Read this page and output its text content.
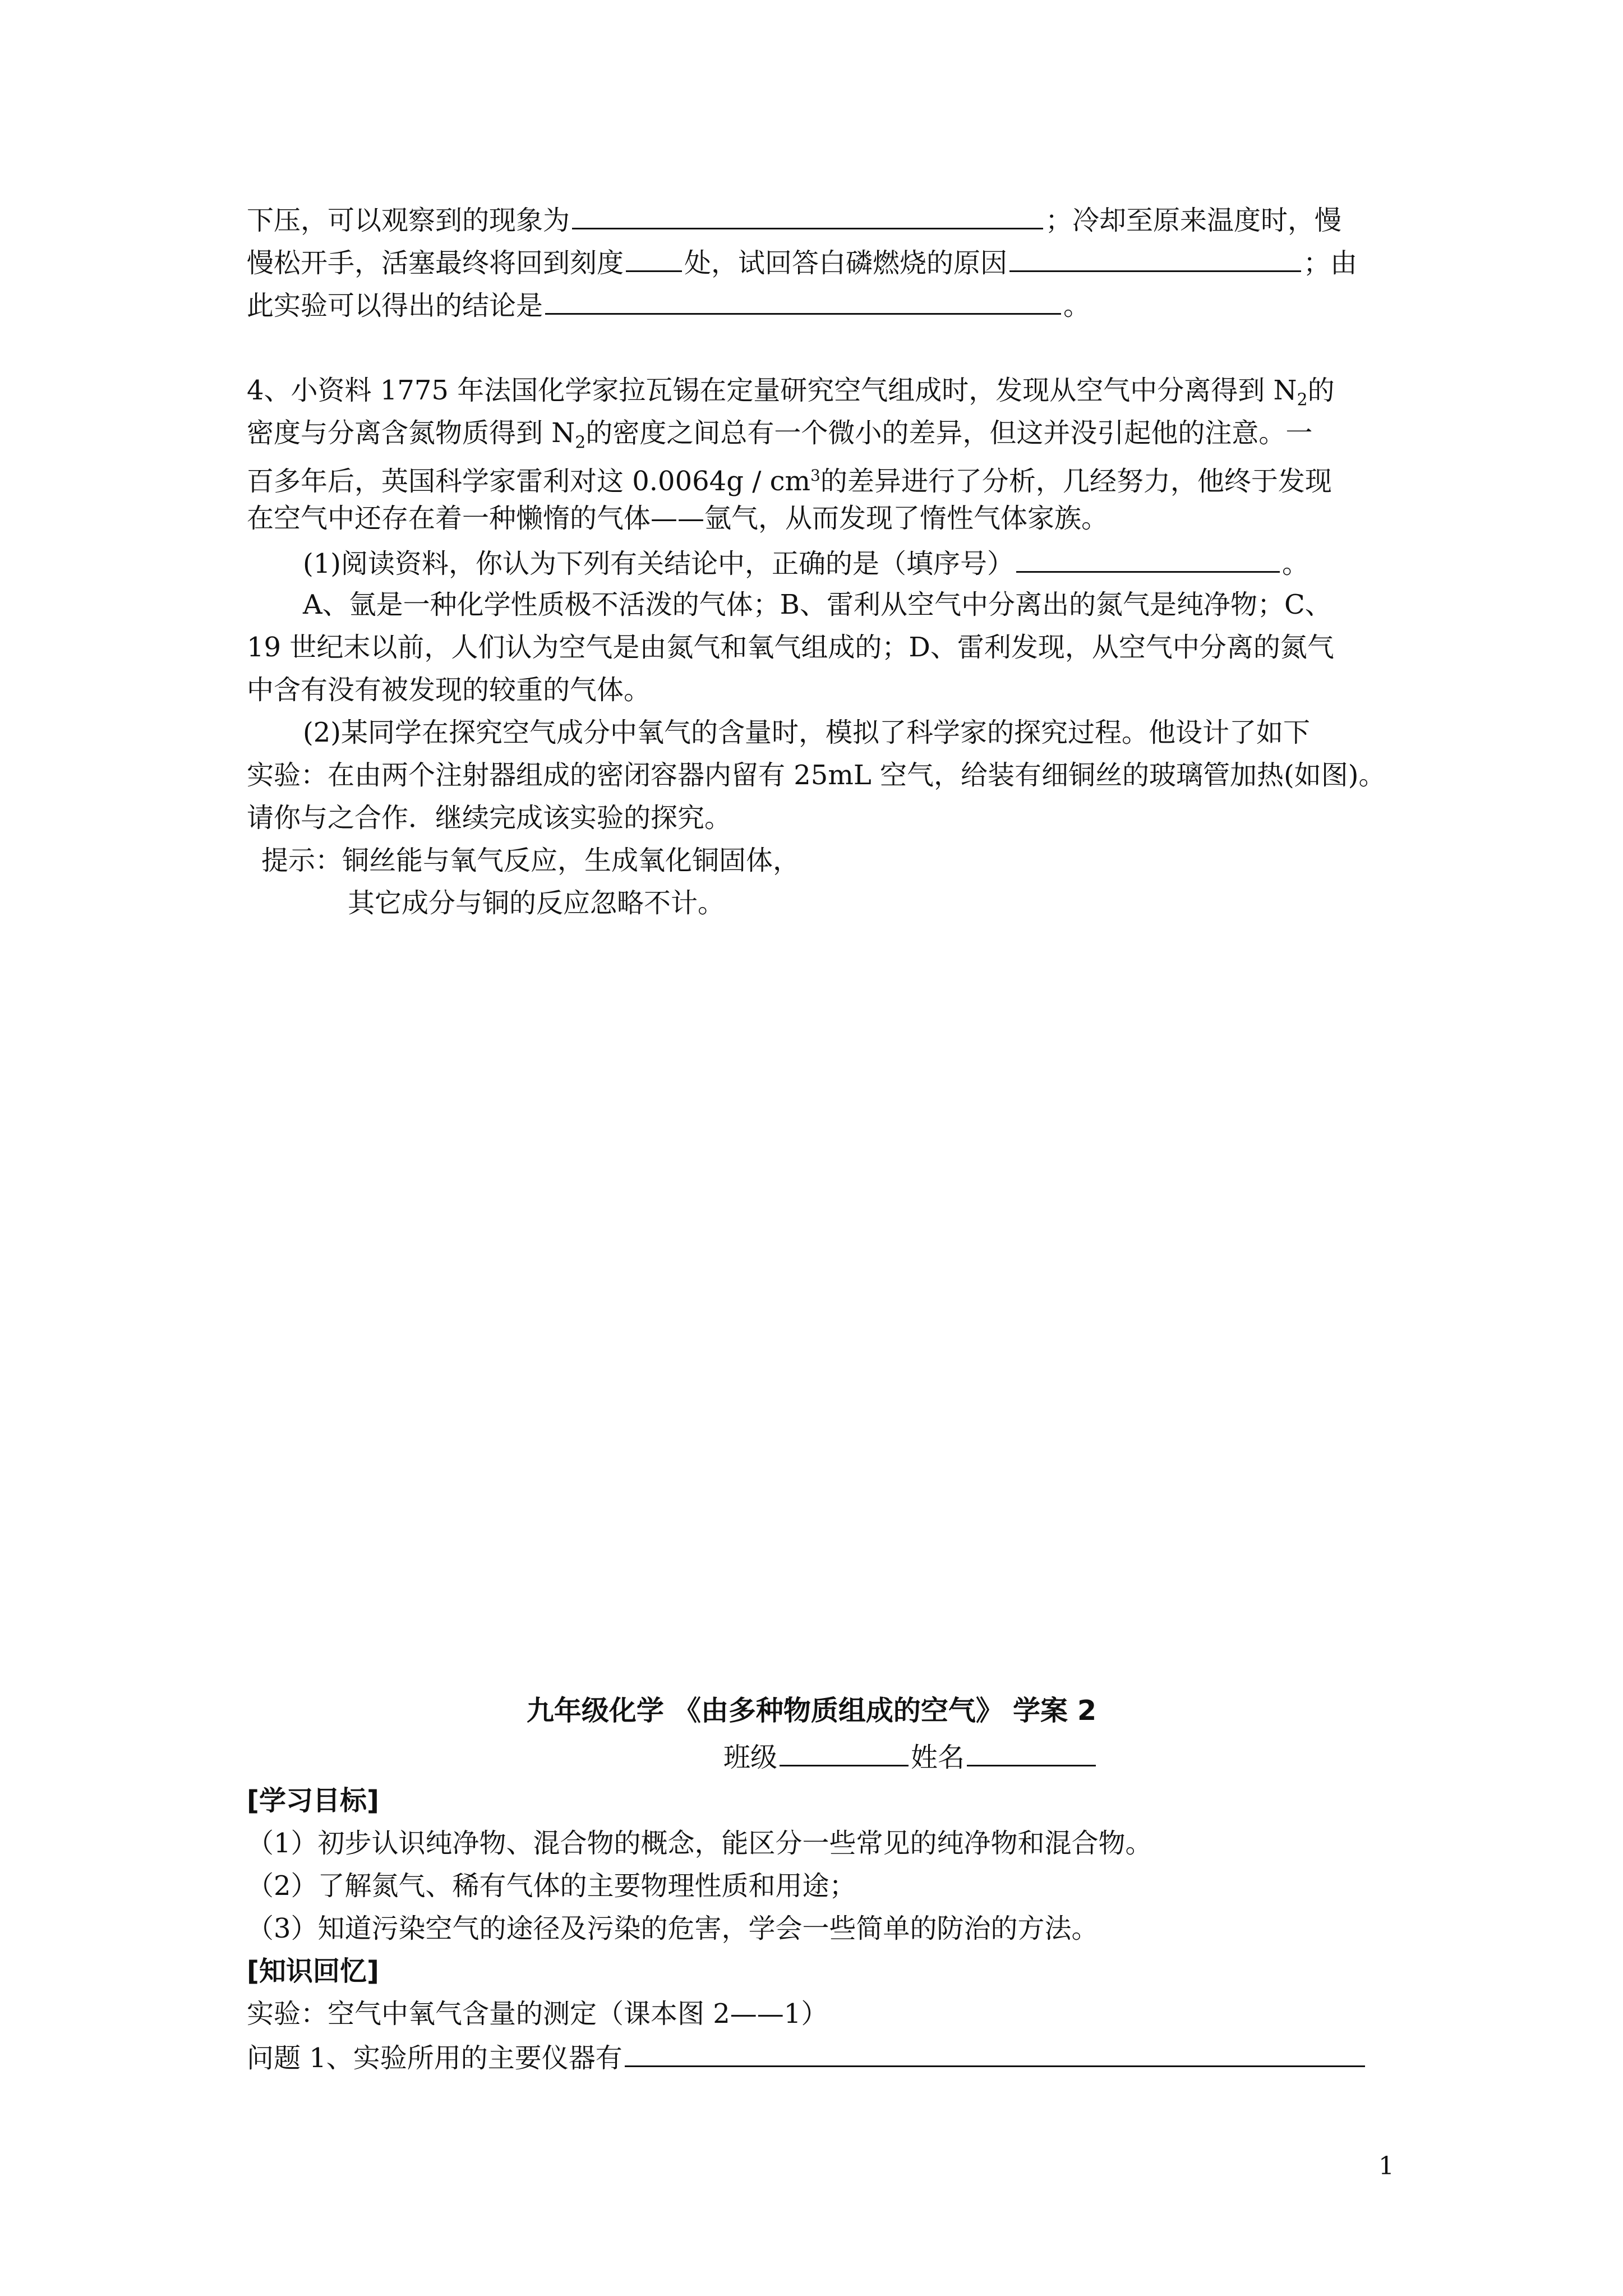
下压，可以观察到的现象为	；冷却至原来温度时，慢
慢松开手，活塞最终将回到刻度 处，试回答白磷燃烧的原因	；由
此实验可以得出的结论是	。
4、小资料 1775 年法国化学家拉瓦锡在定量研究空气组成时，发现从空气中分离得到 $N_2$的
密度与分离含氮物质得到 $N_2$的密度之间总有一个微小的差异，但这并没引起他的注意。一
百多年后，英国科学家雷利对这 $0.0064g / cm^3$的差异进行了分析，几经努力，他终于发现
在空气中还存在着一种懒惰的气体——氩气，从而发现了惰性气体家族。
(1)阅读资料，你认为下列有关结论中，正确的是（填序号）	。
A、氩是一种化学性质极不活泼的气体；B、雷利从空气中分离出的氮气是纯净物；C、
19 世纪末以前，人们认为空气是由氮气和氧气组成的；D、雷利发现，从空气中分离的氮气
中含有没有被发现的较重的气体。
(2)某同学在探究空气成分中氧气的含量时，模拟了科学家的探究过程。他设计了如下
实验：在由两个注射器组成的密闭容器内留有 25mL 空气，给装有细铜丝的玻璃管加热(如图)。
请你与之合作．继续完成该实验的探究。
提示：铜丝能与氧气反应，生成氧化铜固体，
其它成分与铜的反应忽略不计。
九年级化学 《由多种物质组成的空气》 学案 2
班级	姓名
[学习目标]
（1）初步认识纯净物、混合物的概念，能区分一些常见的纯净物和混合物。
（2）了解氮气、稀有气体的主要物理性质和用途；
（3）知道污染空气的途径及污染的危害，学会一些简单的防治的方法。
[知识回忆]
实验：空气中氧气含量的测定（课本图 2——1）
问题 1、实验所用的主要仪器有
1
